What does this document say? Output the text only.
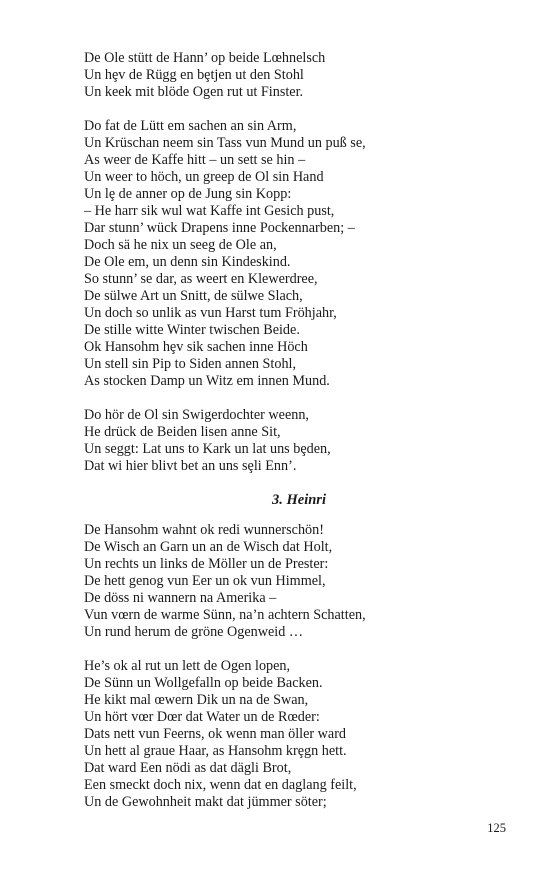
De Ole stütt de Hann’ op beide Lœhnelsch
Un hȩv de Rügg en bȩtjen ut den Stohl
Un keek mit blöde Ogen rut ut Finster.
Do fat de Lütt em sachen an sin Arm,
Un Krüschan neem sin Tass vun Mund un puß se,
As weer de Kaffe hitt – un sett se hin –
Un weer to höch, un greep de Ol sin Hand
Un lȩ de anner op de Jung sin Kopp:
– He harr sik wul wat Kaffe int Gesich pust,
Dar stunn’ wück Drapens inne Pockennarben; –
Doch sä he nix un seeg de Ole an,
De Ole em, un denn sin Kindeskind.
So stunn’ se dar, as weert en Klewerdree,
De sülwe Art un Snitt, de sülwe Slach,
Un doch so unlik as vun Harst tum Fröhjahr,
De stille witte Winter twischen Beide.
Ok Hansohm hȩv sik sachen inne Höch
Un stell sin Pip to Siden annen Stohl,
As stocken Damp un Witz em innen Mund.
Do hör de Ol sin Swigerdochter weenn,
He drück de Beiden lisen anne Sit,
Un seggt: Lat uns to Kark un lat uns bȩden,
Dat wi hier blivt bet an uns sȩli Enn’.
3. Heinri
De Hansohm wahnt ok redi wunnerschön!
De Wisch an Garn un an de Wisch dat Holt,
Un rechts un links de Möller un de Prester:
De hett genog vun Eer un ok vun Himmel,
De döss ni wannern na Amerika –
Vun vœrn de warme Sünn, na’n achtern Schatten,
Un rund herum de gröne Ogenweid …
He’s ok al rut un lett de Ogen lopen,
De Sünn un Wollgefalln op beide Backen.
He kikt mal œwern Dik un na de Swan,
Un hört vœr Dœr dat Water un de Rœder:
Dats nett vun Feerns, ok wenn man öller ward
Un hett al graue Haar, as Hansohm krȩgn hett.
Dat ward Een nödi as dat dägli Brot,
Een smeckt doch nix, wenn dat en daglang feilt,
Un de Gewohnheit makt dat jümmer söter;
125
